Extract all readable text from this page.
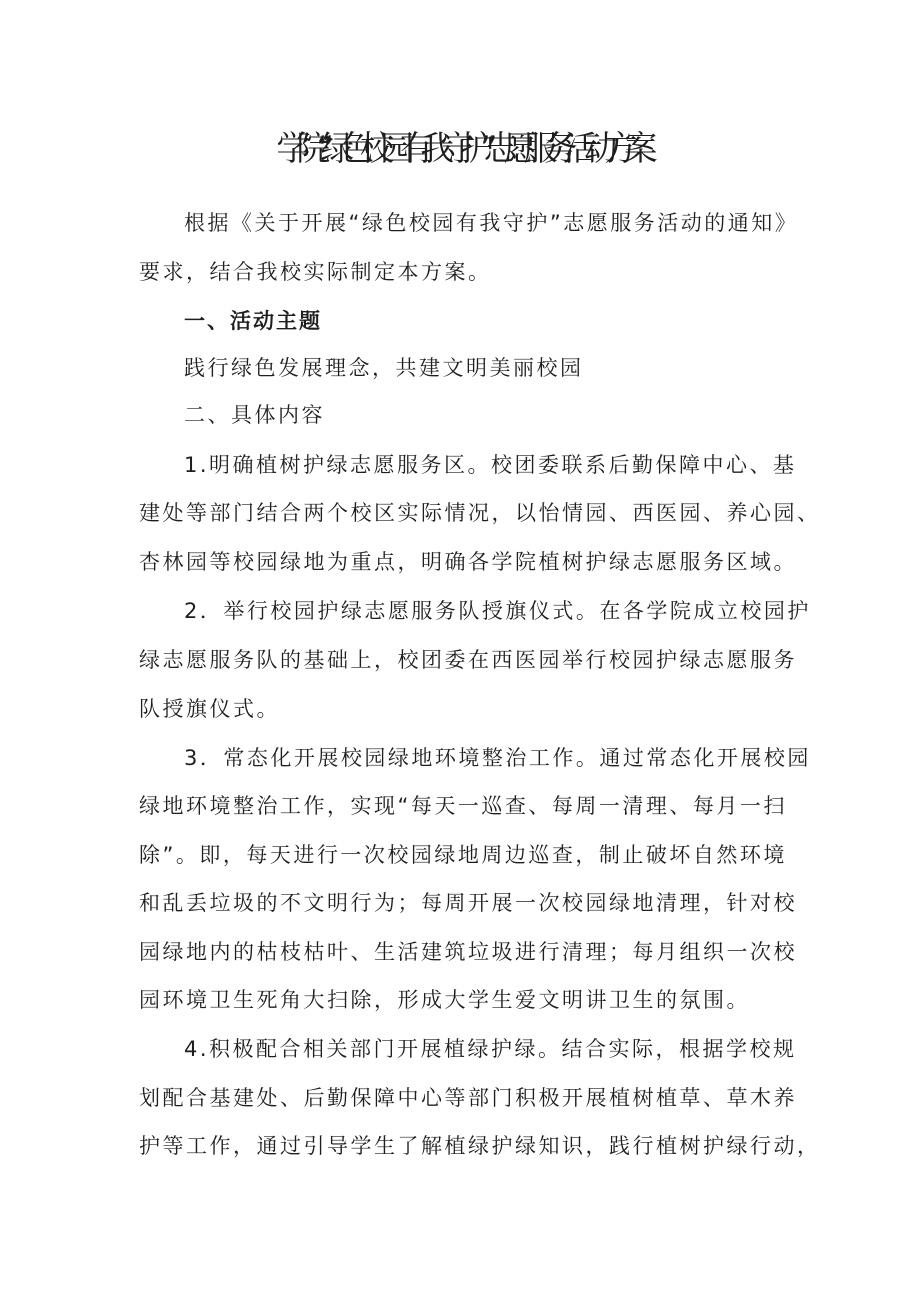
学院“绿色校园有我守护”志愿服务活动方案
根据《关于开展“绿色校园有我守护”志愿服务活动的通知》
要求，结合我校实际制定本方案。
一、活动主题
践行绿色发展理念，共建文明美丽校园
二、具体内容
1.明确植树护绿志愿服务区。校团委联系后勤保障中心、基
建处等部门结合两个校区实际情况，以怡情园、西医园、养心园、
杏林园等校园绿地为重点，明确各学院植树护绿志愿服务区域。
2．举行校园护绿志愿服务队授旗仪式。在各学院成立校园护
绿志愿服务队的基础上，校团委在西医园举行校园护绿志愿服务
队授旗仪式。
3．常态化开展校园绿地环境整治工作。通过常态化开展校园
绿地环境整治工作，实现“每天一巡查、每周一清理、每月一扫
除”。即，每天进行一次校园绿地周边巡查，制止破坏自然环境
和乱丢垃圾的不文明行为；每周开展一次校园绿地清理，针对校
园绿地内的枯枝枯叶、生活建筑垃圾进行清理；每月组织一次校
园环境卫生死角大扫除，形成大学生爱文明讲卫生的氛围。
4.积极配合相关部门开展植绿护绿。结合实际，根据学校规
划配合基建处、后勤保障中心等部门积极开展植树植草、草木养
护等工作，通过引导学生了解植绿护绿知识，践行植树护绿行动，
